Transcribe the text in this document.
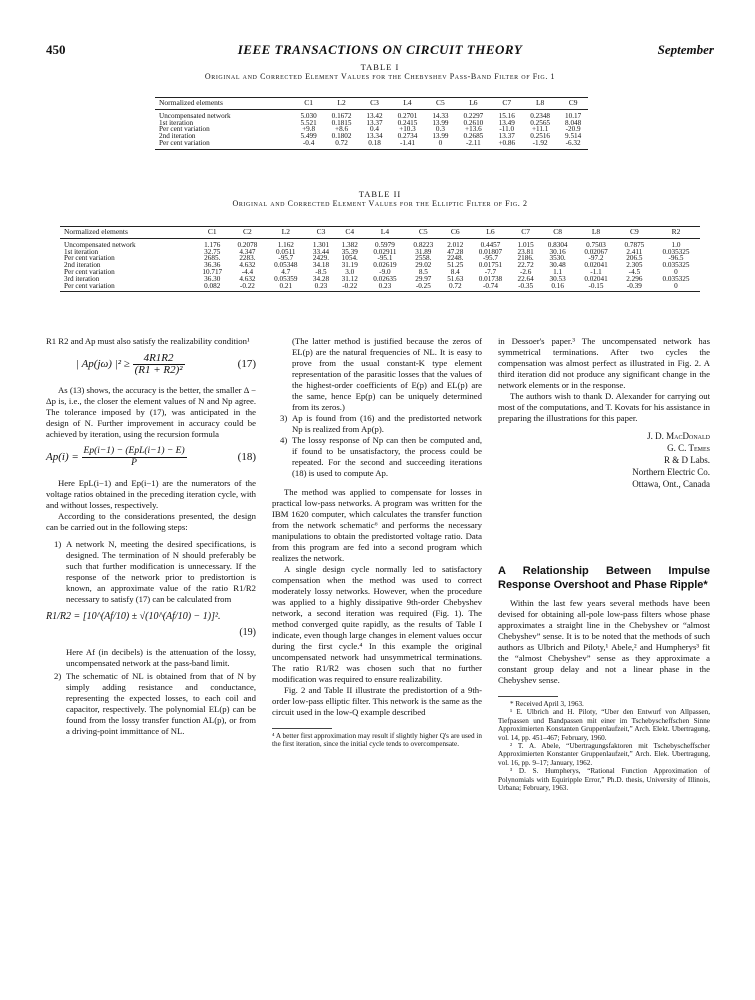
450	IEEE TRANSACTIONS ON CIRCUIT THEORY	September
TABLE I
Original and Corrected Element Values for the Chebyshev Pass-Band Filter of Fig. 1
Normalized elements	C1	L2	C3	L4	C5	L6	C7	L8	C9
Uncompensated network	5.030	0.1672	13.42	0.2701	14.33	0.2297	15.16	0.2348	10.17
1st iteration	5.521	0.1815	13.37	0.2415	13.99	0.2610	13.49	0.2565	8.048
Per cent variation	+9.8	+8.6	0.4	+10.3	0.3	+13.6	-11.0	+11.1	-20.9
2nd iteration	5.499	0.1802	13.34	0.2734	13.99	0.2685	13.37	0.2516	9.514
Per cent variation	-0.4	0.72	0.18	-1.41	0	-2.11	+0.86	-1.92	-6.32
TABLE II
Original and Corrected Element Values for the Elliptic Filter of Fig. 2
Normalized elements	C1	C2	L2	C3	C4	L4	C5	C6	L6	C7	C8	L8	C9	R2
Uncompensated network	1.176	0.2078	1.162	1.301	1.382	0.5979	0.8223	2.012	0.4457	1.015	0.8304	0.7503	0.7875	1.0
1st iteration	32.75	4.347	0.0511	33.44	35.39	0.02911	31.89	47.28	0.01807	23.81	30.16	0.02067	2.411	0.035325
Per cent variation	2685.	2283.	-95.7	2429.	1054.	-95.1	2558.	2248.	-95.7	2186.	3530.	-97.2	206.5	-96.5
2nd iteration	36.36	4.632	0.05348	34.18	31.19	0.02619	29.02	51.25	0.01751	22.72	30.48	0.02041	2.305	0.035325
Per cent variation	10.717	-4.4	4.7	-8.5	3.0	-9.0	8.5	8.4	-7.7	-2.6	1.1	-1.1	-4.5	0
3rd iteration	36.30	4.632	0.05359	34.28	31.12	0.02635	29.97	51.63	0.01738	22.64	30.53	0.02041	2.296	0.035325
Per cent variation	0.082	-0.22	0.21	0.23	-0.22	0.23	-0.25	0.72	-0.74	-0.35	0.16	-0.15	-0.39	0

R1 R2 and Ap must also satisfy the realizability condition¹

| Ap(jω) $|^2 \ge \frac{4R1R2}{\text{(R1 + R2)²}}$	(17)

As (13) shows, the accuracy is the better, the smaller Δ − Δp is, i.e., the closer the element values of N and Np agree. The tolerance imposed by (17), was anticipated in the design of N. Further improvement in accuracy could be achieved by iteration, using the recursion formula

$Ap(i) = \frac{\text{Ep(i−1) − (EpL(i−1) − E)}}{P}$	(18)

Here EpL(i−1) and Ep(i−1) are the numerators of the voltage ratios obtained in the preceding iteration cycle, with and without losses, respectively.

According to the considerations presented, the design can be carried out in the following steps:

1) A network N, meeting the desired specifications, is designed. The termination of N should preferably be such that further modification is unnecessary. If the response of the network prior to predistortion is known, an approximate value of the ratio R1/R2 necessary to satisfy (17) can be calculated from

R1/R2 = [10^(Af/10) ± √(10^(Af/10) − 1)]².
(19)

Here Af (in decibels) is the attenuation of the lossy, uncompensated network at the pass-band limit.

2) The schematic of NL is obtained from that of N by simply adding resistance and conductance, representing the expected losses, to each coil and capacitor, respectively. The polynomial EL(p) can be found from the lossy transfer function AL(p), or from a driving-point immittance of NL.

(The latter method is justified because the zeros of EL(p) are the natural frequencies of NL. It is easy to prove from the usual constant-K type element representation of the parasitic losses that the values of the highest-order coefficients of E(p) and EL(p) are the same, hence Ep(p) can be uniquely determined from its zeros.)

3) Ap is found from (16) and the predistorted network Np is realized from Ap(p).

4) The lossy response of Np can then be computed and, if found to be unsatisfactory, the process could be repeated. For the second and succeeding iterations (18) is used to compute Ap.

The method was applied to compensate for losses in practical low-pass networks. A program was written for the IBM 1620 computer, which calculates the transfer function from the network schematic⁶ and performs the necessary manipulations to obtain the predistorted voltage ratio. Data from this program are fed into a second program which realizes the network.

A single design cycle normally led to satisfactory compensation when the method was used to correct moderately lossy networks. However, when the procedure was applied to a highly dissipative 9th-order Chebyshev network, a second iteration was required (Fig. 1). The method converged quite rapidly, as the results of Table I indicate, even though large changes in element values occur during the first cycle.⁴ In this example the original uncompensated network had unsymmetrical terminations. The ratio R1/R2 was chosen such that no further modification was required to ensure realizability.

Fig. 2 and Table II illustrate the predistortion of a 9th-order low-pass elliptic filter. This network is the same as the circuit used in the low-Q example described

⁴ A better first approximation may result if slightly higher Q's are used in the first iteration, since the initial cycle tends to overcompensate.

in Dessoer's paper.³ The uncompensated network has symmetrical terminations. After two cycles the compensation was almost perfect as illustrated in Fig. 2. A third iteration did not produce any significant change in the network elements or in the response.

The authors wish to thank D. Alexander for carrying out most of the computations, and T. Kovats for his assistance in preparing the illustrations for this paper.

J. D. MacDonald
G. C. Temes
R & D Labs.
Northern Electric Co.
Ottawa, Ont., Canada
A Relationship Between Impulse Response Overshoot and Phase Ripple*

Within the last few years several methods have been devised for obtaining all-pole low-pass filters whose phase approximates a straight line in the Chebyshev or “almost Chebyshev” sense. It is to be noted that the methods of such authors as Ulbrich and Piloty,¹ Abele,² and Humpherys³ fit the “almost Chebyshev” sense as they approximate a constant group delay and not a linear phase in the Chebyshev sense.

* Received April 3, 1963.

¹ E. Ulbrich and H. Piloty, “Uber den Entwurf von Allpassen, Tiefpassen und Bandpassen mit einer im Tschebyscheffschen Sinne Approximierten Konstanten Gruppenlaufzeit,” Arch. Elekt. Ubertragung, vol. 14, pp. 451–467; February, 1960.

² T. A. Abele, “Ubertragungsfaktoren mit Tschebyscheffscher Approximierten Konstanter Gruppenlaufzeit,” Arch. Elek. Ubertragung, vol. 16, pp. 9–17; January, 1962.

³ D. S. Humpherys, “Rational Function Approximation of Polynomials with Equiripple Error,” Ph.D. thesis, University of Illinois, Urbana; February, 1963.
